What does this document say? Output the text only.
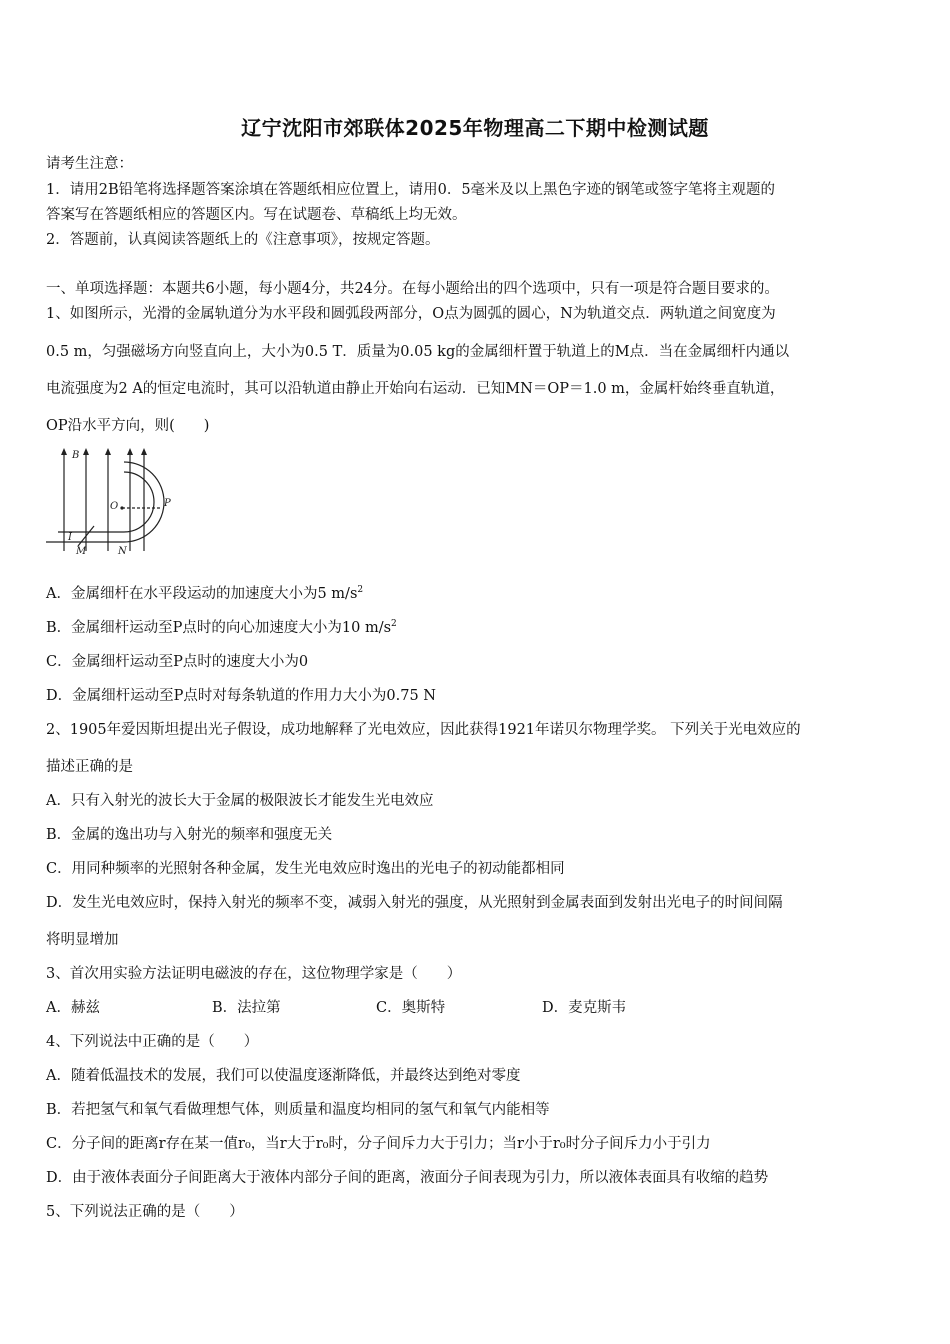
辽宁沈阳市郊联体2025年物理高二下期中检测试题
请考生注意：
1．请用2B铅笔将选择题答案涂填在答题纸相应位置上，请用0．5毫米及以上黑色字迹的钢笔或签字笔将主观题的
答案写在答题纸相应的答题区内。写在试题卷、草稿纸上均无效。
2．答题前，认真阅读答题纸上的《注意事项》，按规定答题。
一、单项选择题：本题共6小题，每小题4分，共24分。在每小题给出的四个选项中，只有一项是符合题目要求的。
1、如图所示，光滑的金属轨道分为水平段和圆弧段两部分，O点为圆弧的圆心，N为轨道交点．两轨道之间宽度为
0.5 m，匀强磁场方向竖直向上，大小为0.5 T．质量为0.05 kg的金属细杆置于轨道上的M点．当在金属细杆内通以
电流强度为2 A的恒定电流时，其可以沿轨道由静止开始向右运动．已知MN＝OP＝1.0 m，金属杆始终垂直轨道，
OP沿水平方向，则(　　)
B
O	P
I
M	N
A．金属细杆在水平段运动的加速度大小为5 $m/s^2$
B．金属细杆运动至P点时的向心加速度大小为10 $m/s^2$
C．金属细杆运动至P点时的速度大小为0
D．金属细杆运动至P点时对每条轨道的作用力大小为0.75 N
2、1905年爱因斯坦提出光子假设，成功地解释了光电效应，因此获得1921年诺贝尔物理学奖。 下列关于光电效应的
描述正确的是
A．只有入射光的波长大于金属的极限波长才能发生光电效应
B．金属的逸出功与入射光的频率和强度无关
C．用同种频率的光照射各种金属，发生光电效应时逸出的光电子的初动能都相同
D．发生光电效应时，保持入射光的频率不变，减弱入射光的强度，从光照射到金属表面到发射出光电子的时间间隔
将明显增加
3、首次用实验方法证明电磁波的存在，这位物理学家是（　　）
A．赫兹	B．法拉第	C．奥斯特	D．麦克斯韦
4、下列说法中正确的是（　　）
A．随着低温技术的发展，我们可以使温度逐渐降低，并最终达到绝对零度
B．若把氢气和氧气看做理想气体，则质量和温度均相同的氢气和氧气内能相等
C．分子间的距离r存在某一值r₀，当r大于r₀时，分子间斥力大于引力；当r小于r₀时分子间斥力小于引力
D．由于液体表面分子间距离大于液体内部分子间的距离，液面分子间表现为引力，所以液体表面具有收缩的趋势
5、下列说法正确的是（　　）
